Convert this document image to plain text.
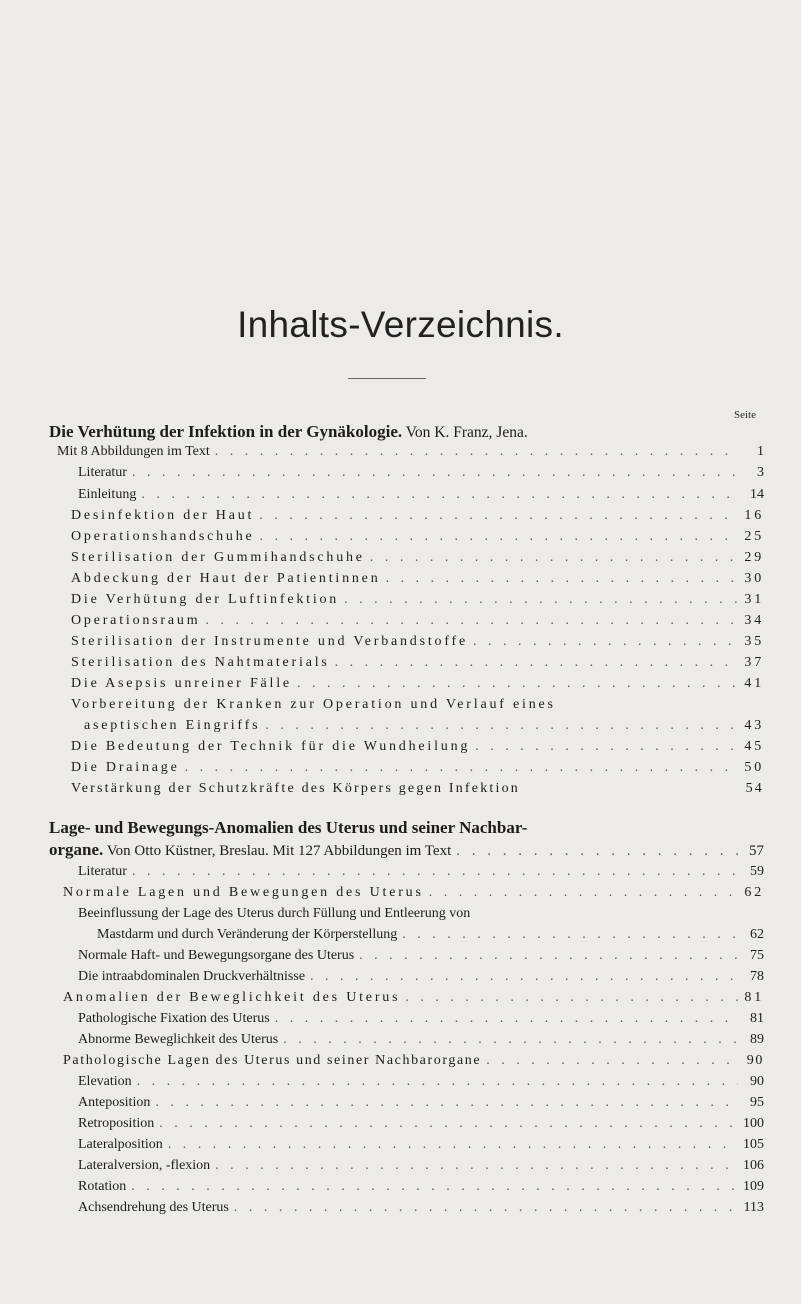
Inhalts-Verzeichnis.
Seite
Die Verhütung der Infektion in der Gynäkologie. Von K. Franz, Jena.
Mit 8 Abbildungen im Text . . .	1
Literatur . . .	3
Einleitung . . .	14
Desinfektion der Haut . . .	16
Operationshandschuhe . . .	25
Sterilisation der Gummihandschuhe . . .	29
Abdeckung der Haut der Patientinnen . . .	30
Die Verhütung der Luftinfektion . . .	31
Operationsraum . . .	34
Sterilisation der Instrumente und Verbandstoffe . . .	35
Sterilisation des Nahtmaterials . . .	37
Die Asepsis unreiner Fälle . . .	41
Vorbereitung der Kranken zur Operation und Verlauf eines
aseptischen Eingriffs . . .	43
Die Bedeutung der Technik für die Wundheilung . . .	45
Die Drainage . . .	50
Verstärkung der Schutzkräfte des Körpers gegen Infektion	54
Lage- und Bewegungs-Anomalien des Uterus und seiner Nachbar-
organe. Von Otto Küstner, Breslau. Mit 127 Abbildungen im Text . . .	57
Literatur . . .	59
Normale Lagen und Bewegungen des Uterus . . .	62
Beeinflussung der Lage des Uterus durch Füllung und Entleerung von
Mastdarm und durch Veränderung der Körperstellung . . .	62
Normale Haft- und Bewegungsorgane des Uterus . . .	75
Die intraabdominalen Druckverhältnisse . . .	78
Anomalien der Beweglichkeit des Uterus . . .	81
Pathologische Fixation des Uterus . . .	81
Abnorme Beweglichkeit des Uterus . . .	89
Pathologische Lagen des Uterus und seiner Nachbarorgane . . .	90
Elevation . . .	90
Anteposition . . .	95
Retroposition . . .	100
Lateralposition . . .	105
Lateralversion, -flexion . . .	106
Rotation . . .	109
Achsendrehung des Uterus . . .	113
